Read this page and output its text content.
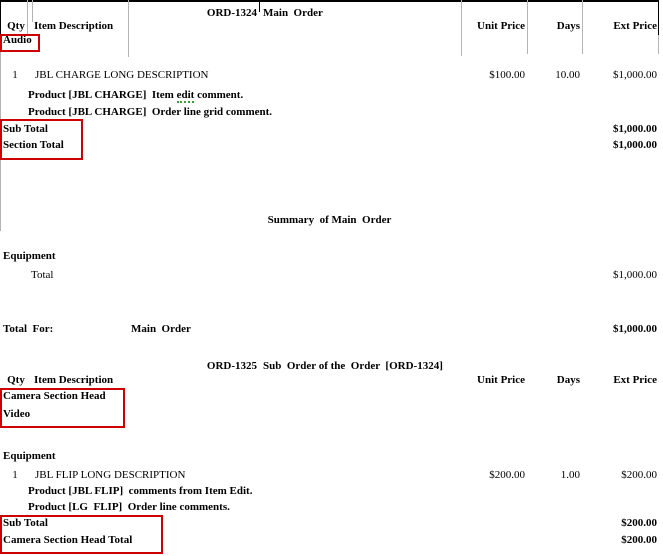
ORD-1324 Main  Order
Qty Item Description	Unit Price	Days	Ext Price
Audio
1	JBL CHARGE LONG DESCRIPTION	$100.00	10.00	$1,000.00
Product [JBL CHARGE]  Item edit comment.
Product [JBL CHARGE]  Order line grid comment.
Sub Total	$1,000.00
Section Total	$1,000.00
Summary  of Main  Order
Equipment
Total	$1,000.00
Total  For:	Main  Order	$1,000.00
ORD-1325 Sub  Order of the  Order  [ORD-1324]
Qty Item Description	Unit Price	Days	Ext Price
Camera Section Head
Video
Equipment
1	JBL FLIP LONG DESCRIPTION	$200.00	1.00	$200.00
Product [JBL FLIP]  comments from Item Edit.
Product [LG  FLIP]  Order line comments.
Sub Total	$200.00
Camera Section Head Total	$200.00
